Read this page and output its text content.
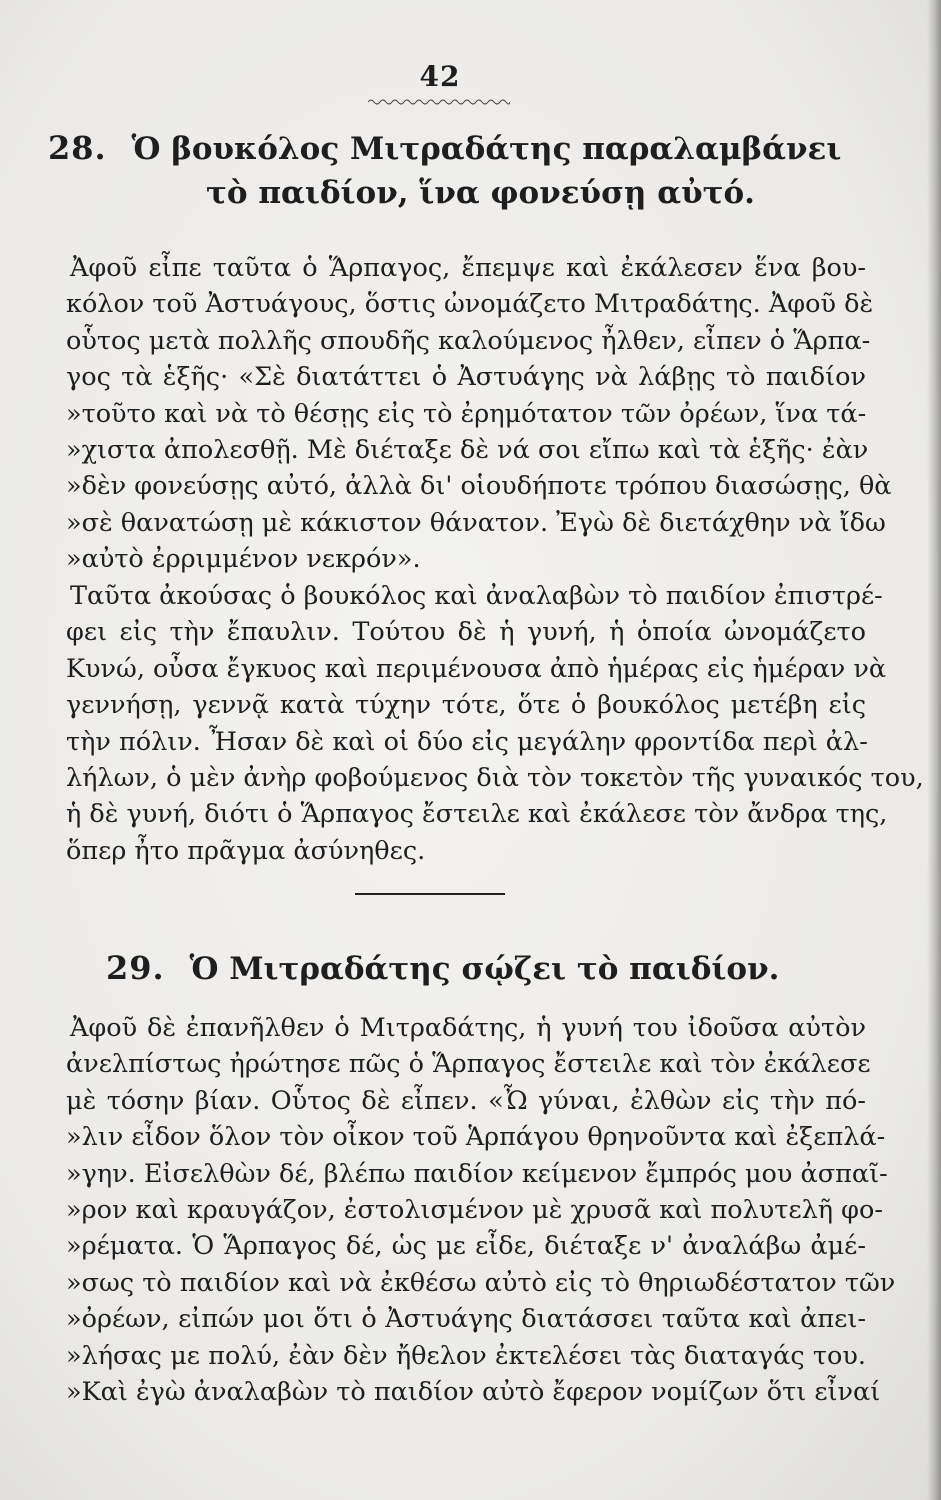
42
28. Ὁ βουκόλος Μιτραδάτης παραλαμβάνει
τὸ παιδίον, ἵνα φονεύσῃ αὐτό.
Ἀφοῦ εἶπε ταῦτα ὁ Ἅρπαγος, ἔπεμψε καὶ ἐκάλεσεν ἕνα βου-
κόλον τοῦ Ἀστυάγους, ὅστις ὠνομάζετο Μιτραδάτης. Ἀφοῦ δὲ
οὗτος μετὰ πολλῆς σπουδῆς καλούμενος ἦλθεν, εἶπεν ὁ Ἅρπα-
γος τὰ ἑξῆς· «Σὲ διατάττει ὁ Ἀστυάγης νὰ λάβῃς τὸ παιδίον
»τοῦτο καὶ νὰ τὸ θέσῃς εἰς τὸ ἐρημότατον τῶν ὀρέων, ἵνα τά-
»χιστα ἀπολεσθῇ. Μὲ διέταξε δὲ νά σοι εἴπω καὶ τὰ ἑξῆς· ἐὰν
»δὲν φονεύσῃς αὐτό, ἀλλὰ δι' οἱουδήποτε τρόπου διασώσῃς, θὰ
»σὲ θανατώσῃ μὲ κάκιστον θάνατον. Ἐγὼ δὲ διετάχθην νὰ ἴδω
»αὐτὸ ἐρριμμένον νεκρόν».
Ταῦτα ἀκούσας ὁ βουκόλος καὶ ἀναλαβὼν τὸ παιδίον ἐπιστρέ-
φει εἰς τὴν ἔπαυλιν. Τούτου δὲ ἡ γυνή, ἡ ὁποία ὠνομάζετο
Κυνώ, οὖσα ἔγκυος καὶ περιμένουσα ἀπὸ ἡμέρας εἰς ἡμέραν νὰ
γεννήσῃ, γεννᾷ κατὰ τύχην τότε, ὅτε ὁ βουκόλος μετέβη εἰς
τὴν πόλιν. Ἦσαν δὲ καὶ οἱ δύο εἰς μεγάλην φροντίδα περὶ ἀλ-
λήλων, ὁ μὲν ἀνὴρ φοβούμενος διὰ τὸν τοκετὸν τῆς γυναικός του,
ἡ δὲ γυνή, διότι ὁ Ἅρπαγος ἔστειλε καὶ ἐκάλεσε τὸν ἄνδρα της,
ὅπερ ἦτο πρᾶγμα ἀσύνηθες.
29. Ὁ Μιτραδάτης σῴζει τὸ παιδίον.
Ἀφοῦ δὲ ἐπανῆλθεν ὁ Μιτραδάτης, ἡ γυνή του ἰδοῦσα αὐτὸν
ἀνελπίστως ἠρώτησε πῶς ὁ Ἅρπαγος ἔστειλε καὶ τὸν ἐκάλεσε
μὲ τόσην βίαν. Οὗτος δὲ εἶπεν. «Ὦ γύναι, ἐλθὼν εἰς τὴν πό-
»λιν εἶδον ὅλον τὸν οἶκον τοῦ Ἁρπάγου θρηνοῦντα καὶ ἐξεπλά-
»γην. Εἰσελθὼν δέ, βλέπω παιδίον κείμενον ἔμπρός μου ἀσπαῖ-
»ρον καὶ κραυγάζον, ἐστολισμένον μὲ χρυσᾶ καὶ πολυτελῆ φο-
»ρέματα. Ὁ Ἅρπαγος δέ, ὡς με εἶδε, διέταξε ν' ἀναλάβω ἀμέ-
»σως τὸ παιδίον καὶ νὰ ἐκθέσω αὐτὸ εἰς τὸ θηριωδέστατον τῶν
»ὀρέων, εἰπών μοι ὅτι ὁ Ἀστυάγης διατάσσει ταῦτα καὶ ἀπει-
»λήσας με πολύ, ἐὰν δὲν ἤθελον ἐκτελέσει τὰς διαταγάς του.
»Καὶ ἐγὼ ἀναλαβὼν τὸ παιδίον αὐτὸ ἔφερον νομίζων ὅτι εἶναί
